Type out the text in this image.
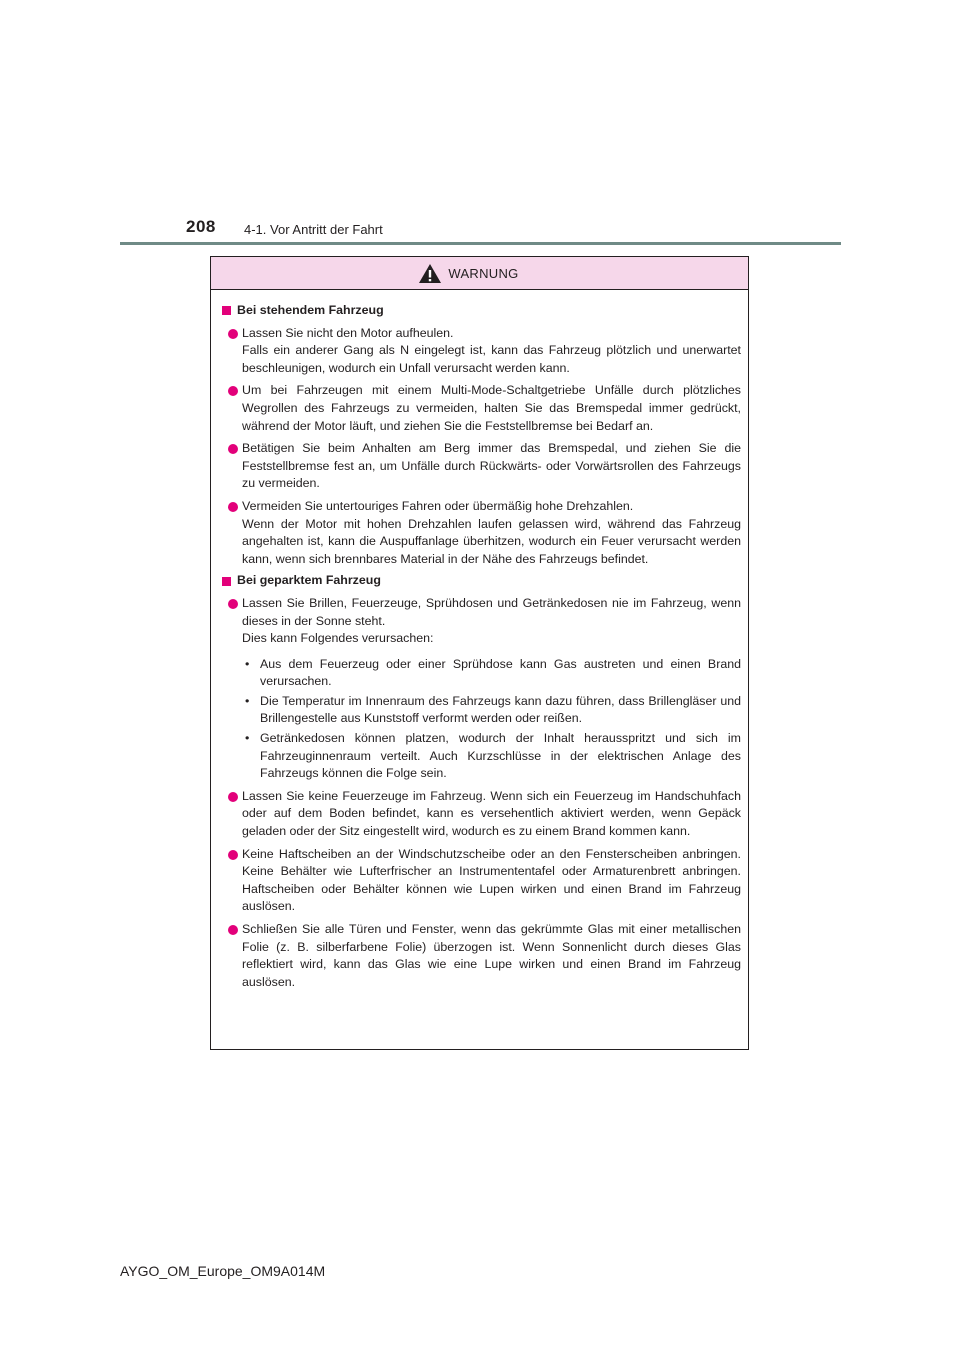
208 4-1. Vor Antritt der Fahrt
WARNUNG
Bei stehendem Fahrzeug

Lassen Sie nicht den Motor aufheulen.

Falls ein anderer Gang als N eingelegt ist, kann das Fahrzeug plötzlich und unerwartet beschleunigen, wodurch ein Unfall verursacht werden kann.

Um bei Fahrzeugen mit einem Multi-Mode-Schaltgetriebe Unfälle durch plötzliches Wegrollen des Fahrzeugs zu vermeiden, halten Sie das Bremspedal immer gedrückt, während der Motor läuft, und ziehen Sie die Feststellbremse bei Bedarf an.

Betätigen Sie beim Anhalten am Berg immer das Bremspedal, und ziehen Sie die Feststellbremse fest an, um Unfälle durch Rückwärts- oder Vorwärtsrollen des Fahrzeugs zu vermeiden.

Vermeiden Sie untertouriges Fahren oder übermäßig hohe Drehzahlen.

Wenn der Motor mit hohen Drehzahlen laufen gelassen wird, während das Fahrzeug angehalten ist, kann die Auspuffanlage überhitzen, wodurch ein Feuer verursacht werden kann, wenn sich brennbares Material in der Nähe des Fahrzeugs befindet.

Bei geparktem Fahrzeug

Lassen Sie Brillen, Feuerzeuge, Sprühdosen und Getränkedosen nie im Fahrzeug, wenn dieses in der Sonne steht.

Dies kann Folgendes verursachen:

• Aus dem Feuerzeug oder einer Sprühdose kann Gas austreten und einen Brand verursachen.

• Die Temperatur im Innenraum des Fahrzeugs kann dazu führen, dass Brillengläser und Brillengestelle aus Kunststoff verformt werden oder reißen.

• Getränkedosen können platzen, wodurch der Inhalt herausspritzt und sich im Fahrzeuginnenraum verteilt. Auch Kurzschlüsse in der elektrischen Anlage des Fahrzeugs können die Folge sein.

Lassen Sie keine Feuerzeuge im Fahrzeug. Wenn sich ein Feuerzeug im Handschuhfach oder auf dem Boden befindet, kann es versehentlich aktiviert werden, wenn Gepäck geladen oder der Sitz eingestellt wird, wodurch es zu einem Brand kommen kann.

Keine Haftscheiben an der Windschutzscheibe oder an den Fensterscheiben anbringen. Keine Behälter wie Lufterfrischer an Instrumententafel oder Armaturenbrett anbringen. Haftscheiben oder Behälter können wie Lupen wirken und einen Brand im Fahrzeug auslösen.

Schließen Sie alle Türen und Fenster, wenn das gekrümmte Glas mit einer metallischen Folie (z. B. silberfarbene Folie) überzogen ist. Wenn Sonnenlicht durch dieses Glas reflektiert wird, kann das Glas wie eine Lupe wirken und einen Brand im Fahrzeug auslösen.

AYGO_OM_Europe_OM9A014M
